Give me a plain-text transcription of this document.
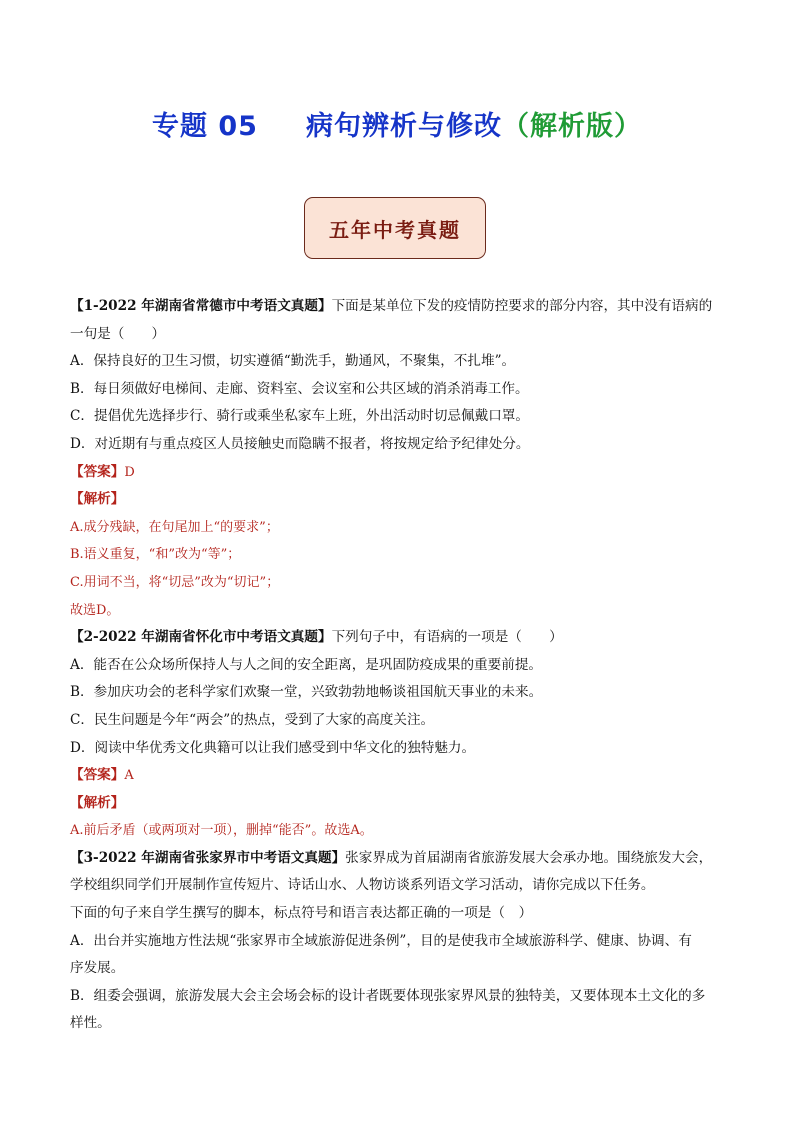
专题 05 病句辨析与修改（解析版）
五年中考真题
【1-2022 年湖南省常德市中考语文真题】下面是某单位下发的疫情防控要求的部分内容，其中没有语病的
一句是（　　）
A．保持良好的卫生习惯，切实遵循“勤洗手，勤通风，不聚集，不扎堆”。
B．每日须做好电梯间、走廊、资料室、会议室和公共区域的消杀消毒工作。
C．提倡优先选择步行、骑行或乘坐私家车上班，外出活动时切忌佩戴口罩。
D．对近期有与重点疫区人员接触史而隐瞒不报者，将按规定给予纪律处分。
【答案】D
【解析】
A.成分残缺，在句尾加上“的要求”；
B.语义重复，“和”改为“等”；
C.用词不当，将“切忌”改为“切记”；
故选D。
【2-2022 年湖南省怀化市中考语文真题】下列句子中，有语病的一项是（　　）
A．能否在公众场所保持人与人之间的安全距离，是巩固防疫成果的重要前提。
B．参加庆功会的老科学家们欢聚一堂，兴致勃勃地畅谈祖国航天事业的未来。
C．民生问题是今年“两会”的热点，受到了大家的高度关注。
D．阅读中华优秀文化典籍可以让我们感受到中华文化的独特魅力。
【答案】A
【解析】
A.前后矛盾（或两项对一项），删掉“能否”。故选A。
【3-2022 年湖南省张家界市中考语文真题】张家界成为首届湖南省旅游发展大会承办地。围绕旅发大会，
学校组织同学们开展制作宣传短片、诗话山水、人物访谈系列语文学习活动，请你完成以下任务。
下面的句子来自学生撰写的脚本，标点符号和语言表达都正确的一项是（　）
A．出台并实施地方性法规“张家界市全域旅游促进条例”，目的是使我市全域旅游科学、健康、协调、有
序发展。
B．组委会强调，旅游发展大会主会场会标的设计者既要体现张家界风景的独特美，又要体现本土文化的多
样性。
